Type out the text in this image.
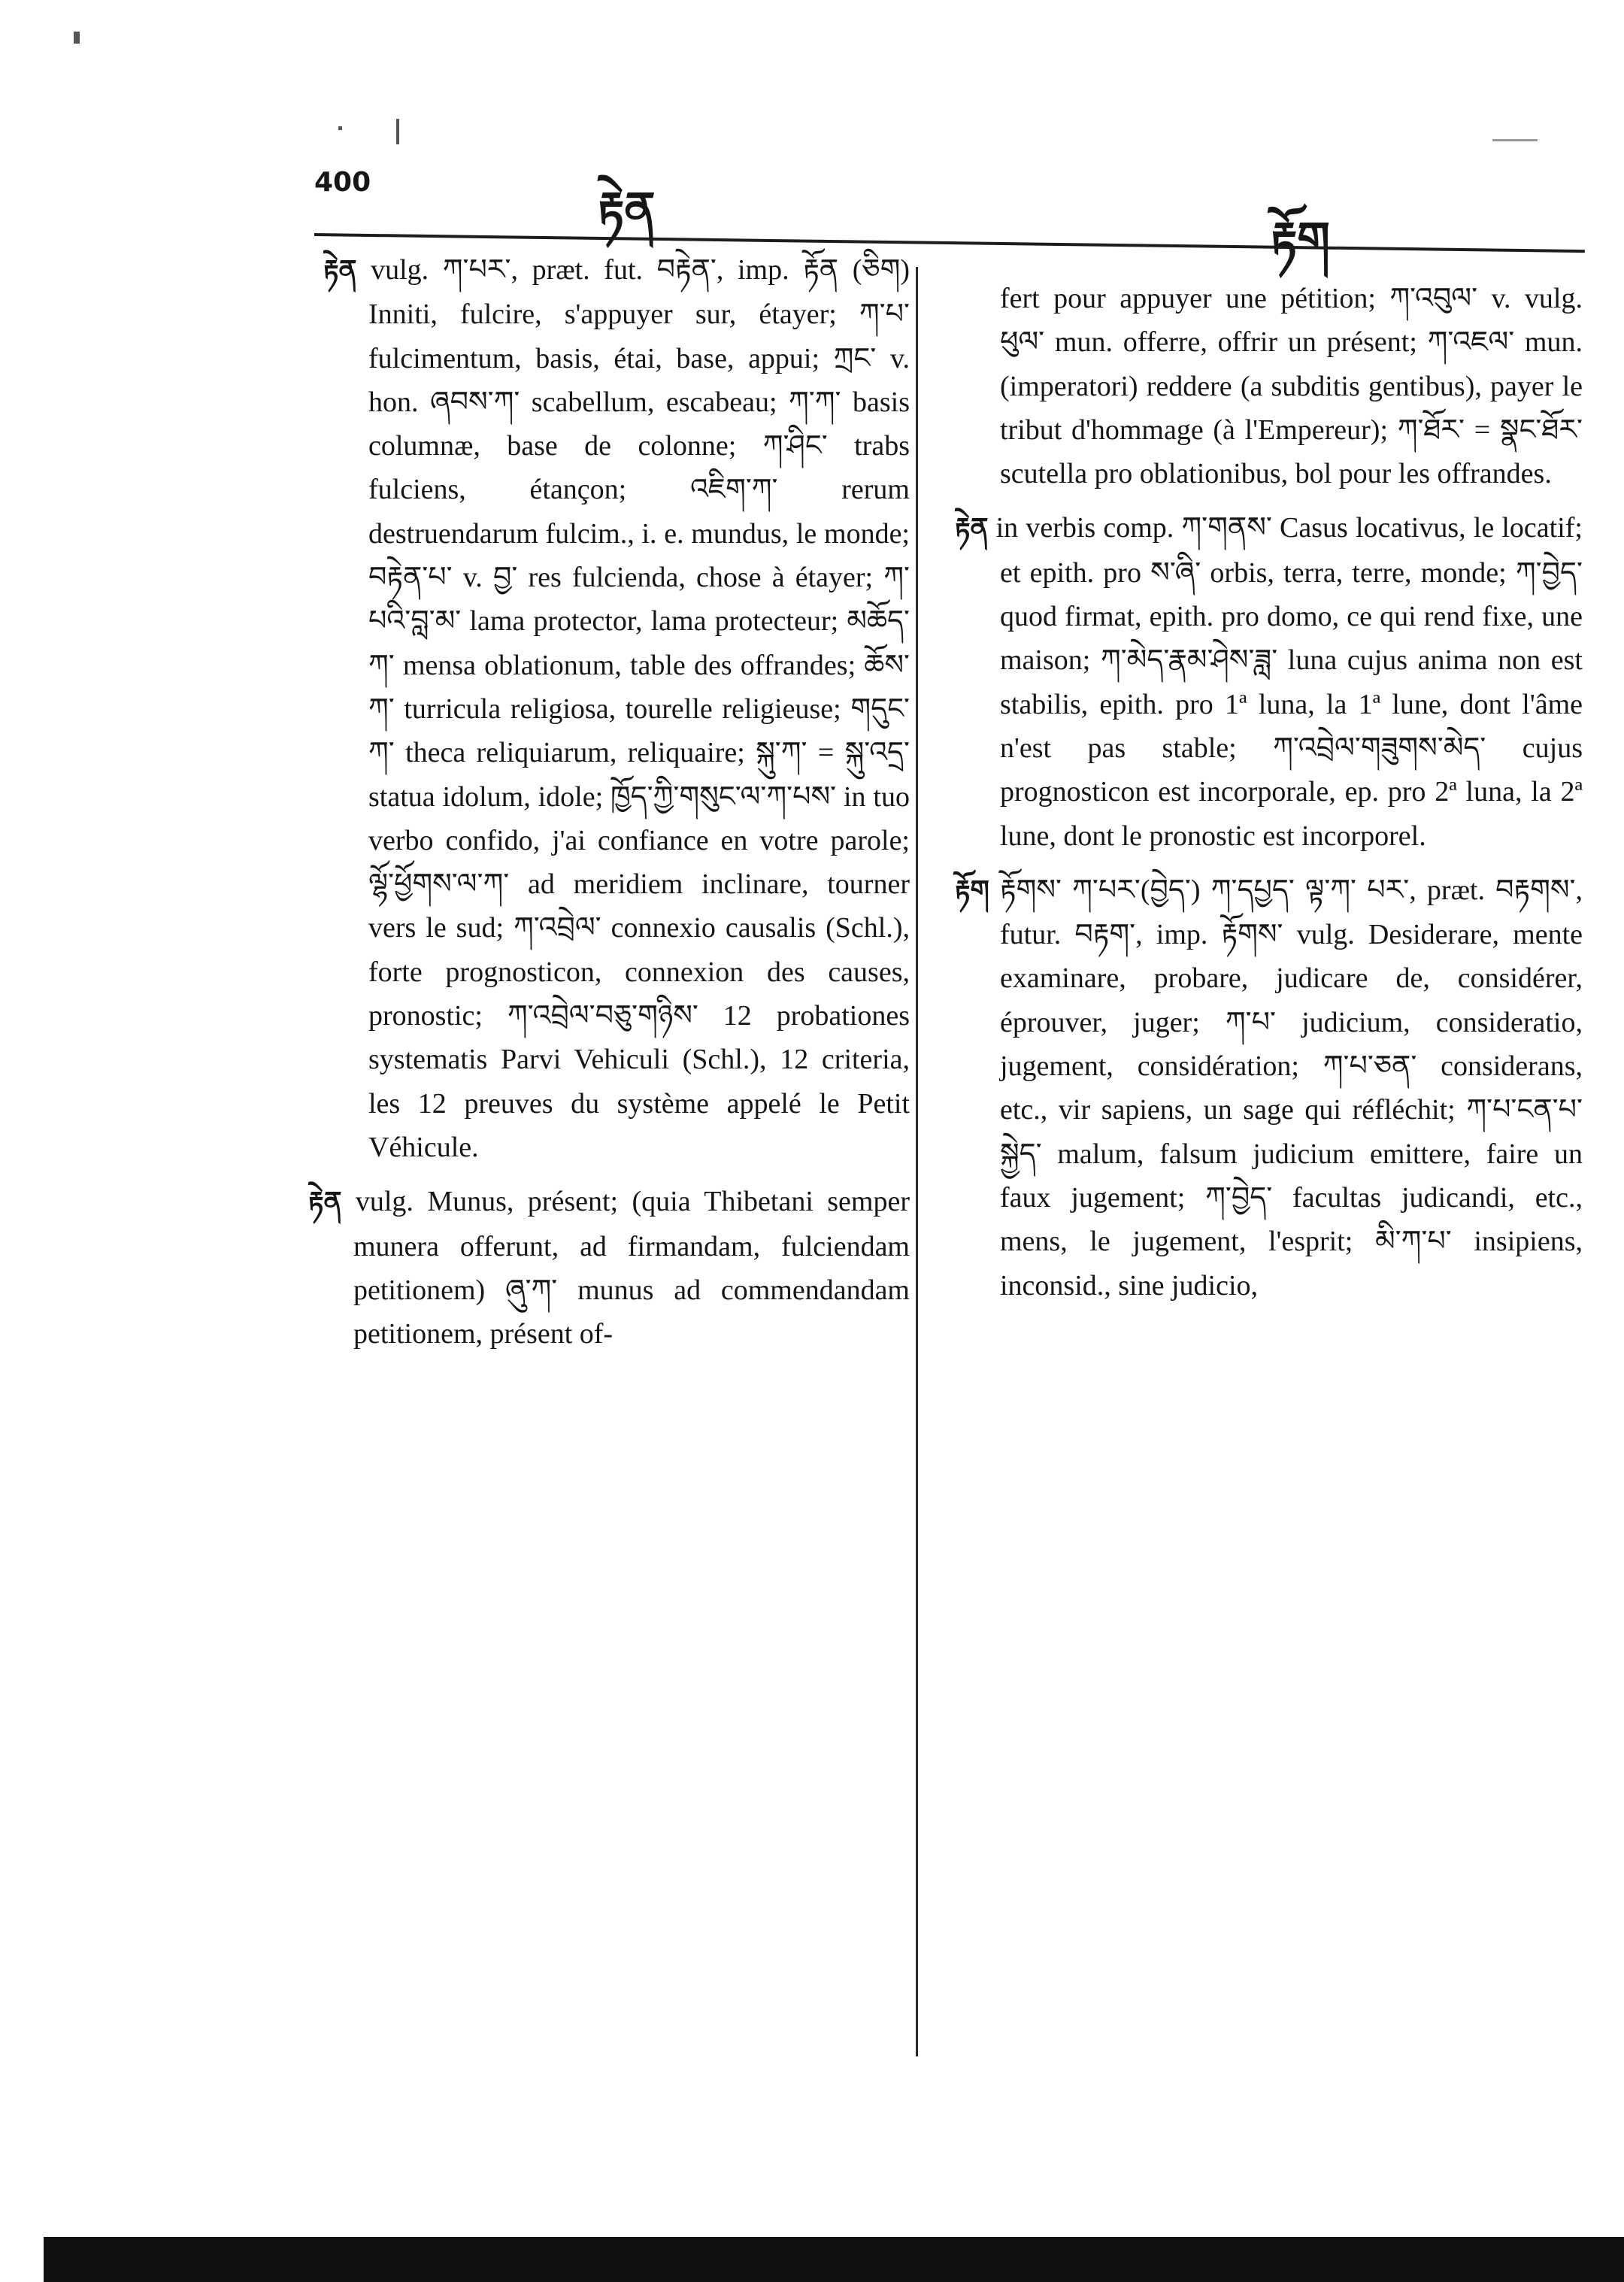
400	རྟེན
རྟོག

རྟེན vulg. ཀ་པར་, præt. fut. བརྟེན་, imp. རྟོན (ཅིག) Inniti, fulcire, s'appuyer sur, étayer; ཀ་པ་ fulcimentum, basis, étai, base, appui; ཀྲང་ v. hon. ཞབས་ཀ་ scabellum, escabeau; ཀ་ཀ་ basis columnæ, base de colonne; ཀ་ཤིང་ trabs fulciens, étançon; འཇིག་ཀ་ rerum destruendarum fulcim., i. e. mundus, le monde; བརྟེན་པ་ v. བྱ་ res fulcienda, chose à étayer; ཀ་པའི་བླ་མ་ lama protector, lama protecteur; མཆོད་ཀ་ mensa oblationum, table des offrandes; ཆོས་ཀ་ turricula religiosa, tourelle religieuse; གདུང་ཀ་ theca reliquiarum, reliquaire; སྐུ་ཀ་ = སྐུ་འདྲ་ statua idolum, idole; ཁྱོད་ཀྱི་གསུང་ལ་ཀ་པས་ in tuo verbo confido, j'ai confiance en votre parole; ལྷོ་ཕྱོགས་ལ་ཀ་ ad meridiem inclinare, tourner vers le sud; ཀ་འབྲེལ་ connexio causalis (Schl.), forte prognosticon, connexion des causes, pronostic; ཀ་འབྲེལ་བཅུ་གཉིས་ 12 probationes systematis Parvi Vehiculi (Schl.), 12 criteria, les 12 preuves du système appelé le Petit Véhicule.

རྟེན vulg. Munus, présent; (quia Thibetani semper munera offerunt, ad firmandam, fulciendam petitionem) ཞུ་ཀ་ munus ad commendandam petitionem, présent of-

fert pour appuyer une pétition; ཀ་འབུལ་ v. vulg. ཕུལ་ mun. offerre, offrir un présent; ཀ་འཇལ་ mun. (imperatori) reddere (a subditis gentibus), payer le tribut d'hommage (à l'Empereur); ཀ་ཐོར་ = སྣང་ཐོར་ scutella pro oblationibus, bol pour les offrandes.

རྟེན in verbis comp. ཀ་གནས་ Casus locativus, le locatif; et epith. pro ས་ཞི་ orbis, terra, terre, monde; ཀ་བྱེད་ quod firmat, epith. pro domo, ce qui rend fixe, une maison; ཀ་མེད་རྣམ་ཤེས་ཟླ་ luna cujus anima non est stabilis, epith. pro 1ª luna, la 1ª lune, dont l'âme n'est pas stable; ཀ་འབྲེལ་གཟུགས་མེད་ cujus prognosticon est incorporale, ep. pro 2ª luna, la 2ª lune, dont le pronostic est incorporel.

རྟོག རྟོགས་ ཀ་པར་(བྱེད་) ཀ་དཔྱད་ ལྟ་ཀ་ པར་, præt. བརྟགས་, futur. བརྟག་, imp. རྟོགས་ vulg. Desiderare, mente examinare, probare, judicare de, considérer, éprouver, juger; ཀ་པ་ judicium, consideratio, jugement, considération; ཀ་པ་ཅན་ considerans, etc., vir sapiens, un sage qui réfléchit; ཀ་པ་ངན་པ་སྐྱེད་ malum, falsum judicium emittere, faire un faux jugement; ཀ་བྱེད་ facultas judicandi, etc., mens, le jugement, l'esprit; མི་ཀ་པ་ insipiens, inconsid., sine judicio,
